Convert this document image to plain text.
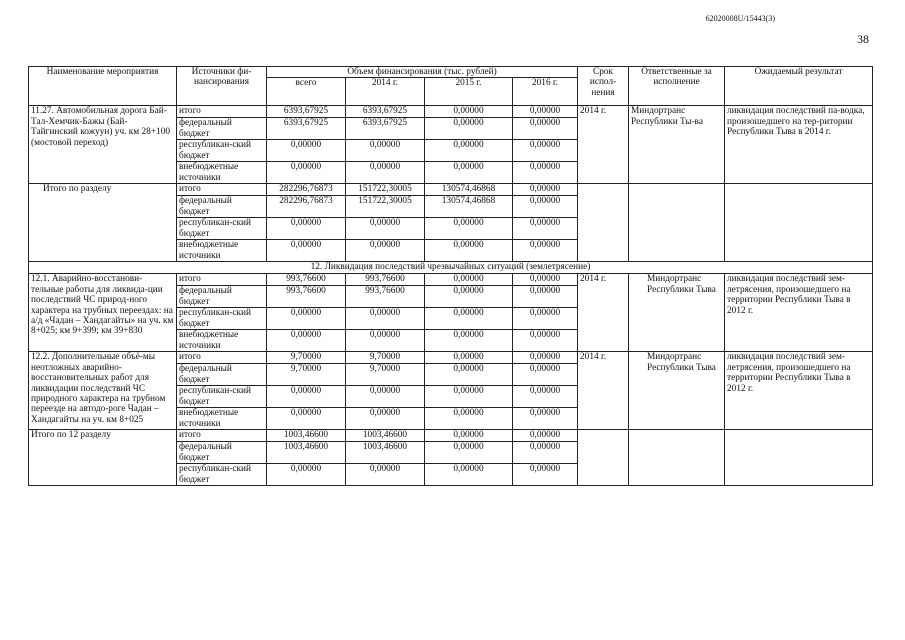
62020008U/15443(3)
38
Наименование мероприятия	Источники фи-нансирования	Объем финансирования (тыс. рублей)				Срок испол-нения	Ответственные за исполнение	Ожидаемый результат
		всего	2014 г.	2015 г.	2016 г.			
11.27. Автомобильная дорога Бай-Тал-Хемчик-Бажы (Бай-Тайгинский кожуун) уч. км 28+100 (мостовой переход)	итого	6393,67925	6393,67925	0,00000	0,00000	2014 г.	Миндортранс Республики Ты-ва	ликвидация последствий па-водка, произошедшего на тер-ритории Республики Тыва в 2014 г.
	федеральный бюджет	6393,67925	6393,67925	0,00000	0,00000			
	республикан-ский бюджет	0,00000	0,00000	0,00000	0,00000			
	внебюджетные источники	0,00000	0,00000	0,00000	0,00000			
Итого по разделу	итого	282296,76873	151722,30005	130574,46868	0,00000			
	федеральный бюджет	282296,76873	151722,30005	130574,46868	0,00000			
	республикан-ский бюджет	0,00000	0,00000	0,00000	0,00000			
	внебюджетные источники	0,00000	0,00000	0,00000	0,00000			
12. Ликвидация последствий чрезвычайных ситуаций (землетрясение)								
12.1. Аварийно-восстанови-тельные работы для ликвида-ции последствий ЧС природ-ного характера на трубных переездах: на а/д «Чадан – Хандагайты» на уч. км 8+025; км 9+399; км 39+830	итого	993,76600	993,76600	0,00000	0,00000	2014 г.	Миндортранс Республики Тыва	ликвидация последствий зем-летрясения, произошедшего на территории Республики Тыва в 2012 г.
	федеральный бюджет	993,76600	993,76600	0,00000	0,00000			
	республикан-ский бюджет	0,00000	0,00000	0,00000	0,00000			
	внебюджетные источники	0,00000	0,00000	0,00000	0,00000			
12.2. Дополнительные объё-мы неотложных аварийно-восстановительных работ для ликвидации последствий ЧС природного характера на трубном переезде на автодо-роге Чадан – Хандагайты на уч. км 8+025	итого	9,70000	9,70000	0,00000	0,00000	2014 г.	Миндортранс Республики Тыва	ликвидация последствий зем-летрясения, произошедшего на территории Республики Тыва в 2012 г.
	федеральный бюджет	9,70000	9,70000	0,00000	0,00000			
	республикан-ский бюджет	0,00000	0,00000	0,00000	0,00000			
	внебюджетные источники	0,00000	0,00000	0,00000	0,00000			
Итого по 12 разделу	итого	1003,46600	1003,46600	0,00000	0,00000			
	федеральный бюджет	1003,46600	1003,46600	0,00000	0,00000			
	республикан-ский бюджет	0,00000	0,00000	0,00000	0,00000			
